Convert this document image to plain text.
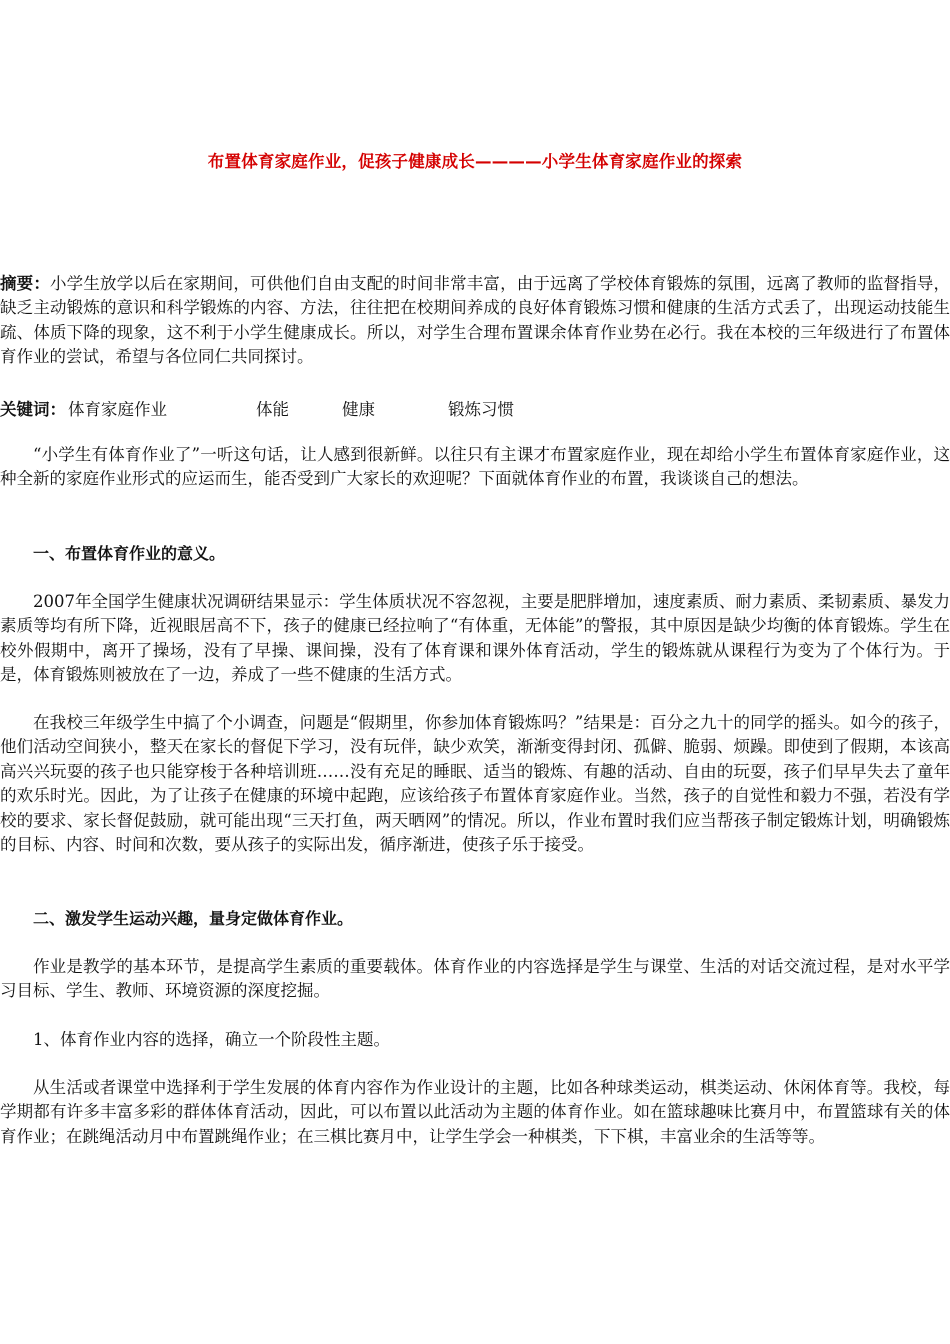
布置体育家庭作业，促孩子健康成长————小学生体育家庭作业的探索
摘要：小学生放学以后在家期间，可供他们自由支配的时间非常丰富，由于远离了学校体育锻炼的氛围，远离了教师的监督指导，缺乏主动锻炼的意识和科学锻炼的内容、方法，往往把在校期间养成的良好体育锻炼习惯和健康的生活方式丢了，出现运动技能生疏、体质下降的现象，这不利于小学生健康成长。所以，对学生合理布置课余体育作业势在必行。我在本校的三年级进行了布置体育作业的尝试，希望与各位同仁共同探讨。
关键词： 体育家庭作业	体能	健康	锻炼习惯
“小学生有体育作业了”一听这句话，让人感到很新鲜。以往只有主课才布置家庭作业，现在却给小学生布置体育家庭作业，这种全新的家庭作业形式的应运而生，能否受到广大家长的欢迎呢？下面就体育作业的布置，我谈谈自己的想法。
一、布置体育作业的意义。
2007年全国学生健康状况调研结果显示：学生体质状况不容忽视，主要是肥胖增加，速度素质、耐力素质、柔韧素质、暴发力素质等均有所下降，近视眼居高不下，孩子的健康已经拉响了“有体重，无体能”的警报，其中原因是缺少均衡的体育锻炼。学生在校外假期中，离开了操场，没有了早操、课间操，没有了体育课和课外体育活动，学生的锻炼就从课程行为变为了个体行为。于是，体育锻炼则被放在了一边，养成了一些不健康的生活方式。
在我校三年级学生中搞了个小调查，问题是“假期里，你参加体育锻炼吗？”结果是：百分之九十的同学的摇头。如今的孩子，他们活动空间狭小，整天在家长的督促下学习，没有玩伴，缺少欢笑，渐渐变得封闭、孤僻、脆弱、烦躁。即使到了假期，本该高高兴兴玩耍的孩子也只能穿梭于各种培训班……没有充足的睡眠、适当的锻炼、有趣的活动、自由的玩耍，孩子们早早失去了童年的欢乐时光。因此，为了让孩子在健康的环境中起跑，应该给孩子布置体育家庭作业。当然，孩子的自觉性和毅力不强，若没有学校的要求、家长督促鼓励，就可能出现“三天打鱼，两天晒网”的情况。所以，作业布置时我们应当帮孩子制定锻炼计划，明确锻炼的目标、内容、时间和次数，要从孩子的实际出发，循序渐进，使孩子乐于接受。
二、激发学生运动兴趣，量身定做体育作业。
作业是教学的基本环节，是提高学生素质的重要载体。体育作业的内容选择是学生与课堂、生活的对话交流过程，是对水平学习目标、学生、教师、环境资源的深度挖掘。
1、体育作业内容的选择，确立一个阶段性主题。
从生活或者课堂中选择利于学生发展的体育内容作为作业设计的主题，比如各种球类运动，棋类运动、休闲体育等。我校，每学期都有许多丰富多彩的群体体育活动，因此，可以布置以此活动为主题的体育作业。如在篮球趣味比赛月中，布置篮球有关的体育作业；在跳绳活动月中布置跳绳作业；在三棋比赛月中，让学生学会一种棋类，下下棋，丰富业余的生活等等。
